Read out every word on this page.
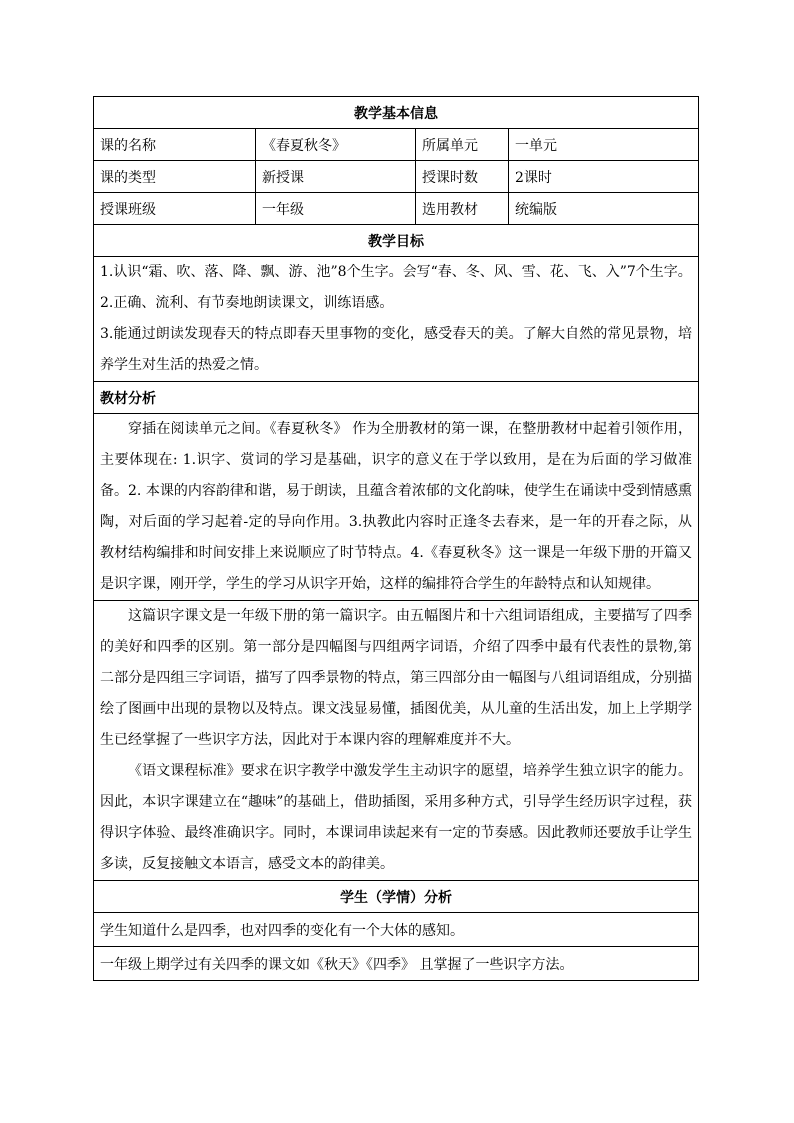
教学基本信息			
课的名称	《春夏秋冬》	所属单元	一单元
课的类型	新授课	授课时数	2课时
授课班级	一年级	选用教材	统编版
教学目标			

1.认识“霜、吹、落、降、飘、游、池”8个生字。会写“春、冬、风、雪、花、飞、入”7个生字。

2.正确、流利、有节奏地朗读课文，训练语感。

3.能通过朗读发现春天的特点即春天里事物的变化，感受春天的美。了解大自然的常见景物，培养学生对生活的热爱之情。			

教材分析			

穿插在阅读单元之间。《春夏秋冬》 作为全册教材的第一课，在整册教材中起着引领作用，主要体现在: 1.识字、赏词的学习是基础，识字的意义在于学以致用，是在为后面的学习做准备。2. 本课的内容韵律和谐，易于朗读，且蕴含着浓郁的文化韵味，使学生在诵读中受到情感熏陶，对后面的学习起着-定的导向作用。3.执教此内容时正逢冬去春来，是一年的开春之际，从教材结构编排和时间安排上来说顺应了时节特点。4.《春夏秋冬》这一课是一年级下册的开篇又是识字课，刚开学，学生的学习从识字开始，这样的编排符合学生的年龄特点和认知规律。			

这篇识字课文是一年级下册的第一篇识字。由五幅图片和十六组词语组成，主要描写了四季的美好和四季的区别。第一部分是四幅图与四组两字词语，介绍了四季中最有代表性的景物,第二部分是四组三字词语，描写了四季景物的特点，第三四部分由一幅图与八组词语组成，分别描绘了图画中出现的景物以及特点。课文浅显易懂，插图优美，从儿童的生活出发，加上上学期学生已经掌握了一些识字方法，因此对于本课内容的理解难度并不大。

《语文课程标准》要求在识字教学中激发学生主动识字的愿望，培养学生独立识字的能力。因此，本识字课建立在“趣味”的基础上，借助插图，采用多种方式，引导学生经历识字过程，获得识字体验、最终准确识字。同时，本课词串读起来有一定的节奏感。因此教师还要放手让学生多读，反复接触文本语言，感受文本的韵律美。			

学生（学情）分析			
学生知道什么是四季，也对四季的变化有一个大体的感知。			
一年级上期学过有关四季的课文如《秋天》《四季》 且掌握了一些识字方法。			
